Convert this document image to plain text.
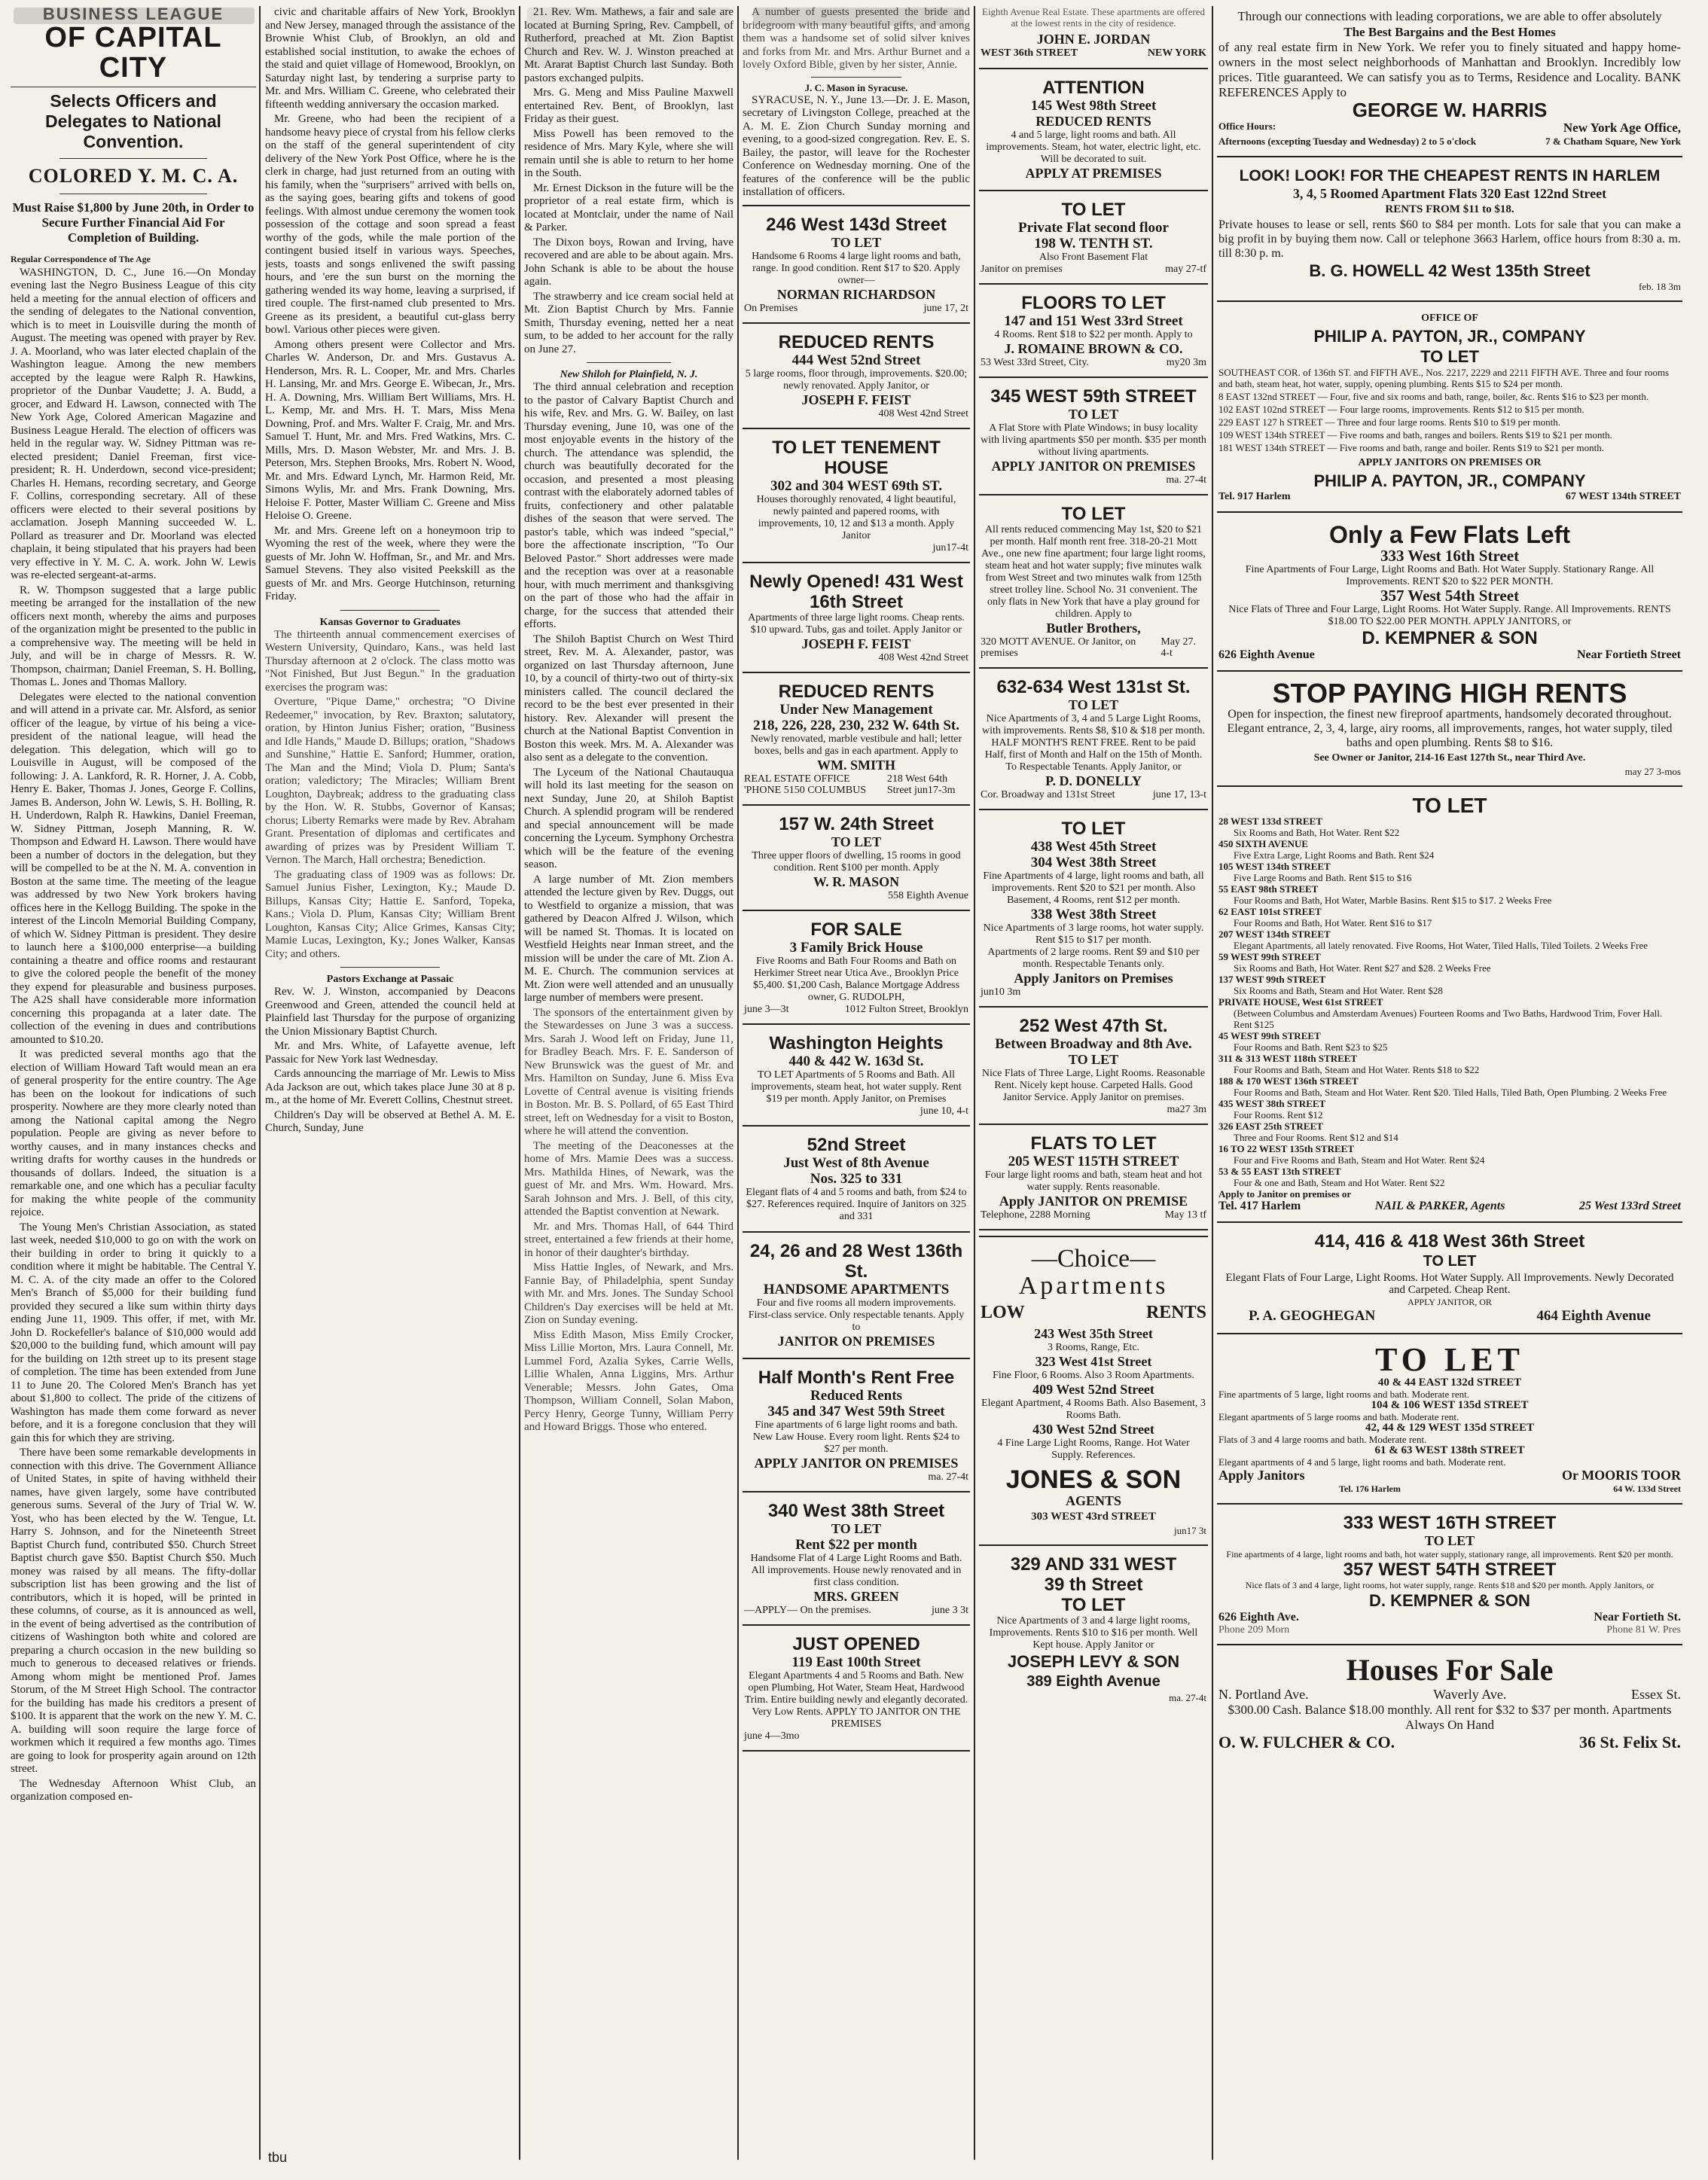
BUSINESS LEAGUE
OF CAPITAL CITY
Selects Officers and Delegates to National Convention.
COLORED Y. M. C. A.
Must Raise $1,800 by June 20th, in Order to Secure Further Financial Aid For Completion of Building.
Regular Correspondence of The Age

WASHINGTON, D. C., June 16.—On Monday evening last the Negro Business League of this city held a meeting for the annual election of officers and the sending of delegates to the National convention, which is to meet in Louisville during the month of August. The meeting was opened with prayer by Rev. J. A. Moorland, who was later elected chaplain of the Washington league. Among the new members accepted by the league were Ralph R. Hawkins, proprietor of the Dunbar Vaudette; J. A. Budd, a grocer, and Edward H. Lawson, connected with The New York Age, Colored American Magazine and Business League Herald. The election of officers was held in the regular way. W. Sidney Pittman was re-elected president; Daniel Freeman, first vice-president; R. H. Underdown, second vice-president; Charles H. Hemans, recording secretary, and George F. Collins, corresponding secretary. All of these officers were elected to their several positions by acclamation. Joseph Manning succeeded W. L. Pollard as treasurer and Dr. Moorland was elected chaplain, it being stipulated that his prayers had been very effective in Y. M. C. A. work. John W. Lewis was re-elected sergeant-at-arms.

R. W. Thompson suggested that a large public meeting be arranged for the installation of the new officers next month, whereby the aims and purposes of the organization might be presented to the public in a comprehensive way. The meeting will be held in July, and will be in charge of Messrs. R. W. Thompson, chairman; Daniel Freeman, S. H. Bolling, Thomas L. Jones and Thomas Mallory.

Delegates were elected to the national convention and will attend in a private car. Mr. Alsford, as senior officer of the league, by virtue of his being a vice-president of the national league, will head the delegation. This delegation, which will go to Louisville in August, will be composed of the following: J. A. Lankford, R. R. Horner, J. A. Cobb, Henry E. Baker, Thomas J. Jones, George F. Collins, James B. Anderson, John W. Lewis, S. H. Bolling, R. H. Underdown, Ralph R. Hawkins, Daniel Freeman, W. Sidney Pittman, Joseph Manning, R. W. Thompson and Edward H. Lawson. There would have been a number of doctors in the delegation, but they will be compelled to be at the N. M. A. convention in Boston at the same time. The meeting of the league was addressed by two New York brokers having offices here in the Kellogg Building. The spoke in the interest of the Lincoln Memorial Building Company, of which W. Sidney Pittman is president. They desire to launch here a $100,000 enterprise—a building containing a theatre and office rooms and restaurant to give the colored people the benefit of the money they expend for pleasurable and business purposes. The A2S shall have considerable more information concerning this propaganda at a later date. The collection of the evening in dues and contributions amounted to $10.20.

It was predicted several months ago that the election of William Howard Taft would mean an era of general prosperity for the entire country. The Age has been on the lookout for indications of such prosperity. Nowhere are they more clearly noted than among the National capital among the Negro population. People are giving as never before to worthy causes, and in many instances checks and writing drafts for worthy causes in the hundreds or thousands of dollars. Indeed, the situation is a remarkable one, and one which has a peculiar faculty for making the white people of the community rejoice.

The Young Men's Christian Association, as stated last week, needed $10,000 to go on with the work on their building in order to bring it quickly to a condition where it might be habitable. The Central Y. M. C. A. of the city made an offer to the Colored Men's Branch of $5,000 for their building fund provided they secured a like sum within thirty days ending June 11, 1909. This offer, if met, with Mr. John D. Rockefeller's balance of $10,000 would add $20,000 to the building fund, which amount will pay for the building on 12th street up to its present stage of completion. The time has been extended from June 11 to June 20. The Colored Men's Branch has yet about $1,800 to collect. The pride of the citizens of Washington has made them come forward as never before, and it is a foregone conclusion that they will gain this for which they are striving.

There have been some remarkable developments in connection with this drive. The Government Alliance of United States, in spite of having withheld their names, have given largely, some have contributed generous sums. Several of the Jury of Trial W. W. Yost, who has been elected by the W. Tengue, Lt. Harry S. Johnson, and for the Nineteenth Street Baptist Church fund, contributed $50. Church Street Baptist church gave $50. Baptist Church $50. Much money was raised by all means. The fifty-dollar subscription list has been growing and the list of contributors, which it is hoped, will be printed in these columns, of course, as it is announced as well, in the event of being advertised as the contribution of citizens of Washington both white and colored are preparing a church occasion in the new building so much to generous to deceased relatives or friends. Among whom might be mentioned Prof. James Storum, of the M Street High School. The contractor for the building has made his creditors a present of $100. It is apparent that the work on the new Y. M. C. A. building will soon require the large force of workmen which it required a few months ago. Times are going to look for prosperity again around on 12th street.

The Wednesday Afternoon Whist Club, an organization composed en-

civic and charitable affairs of New York, Brooklyn and New Jersey, managed through the assistance of the Brownie Whist Club, of Brooklyn, an old and established social institution, to awake the echoes of the staid and quiet village of Homewood, Brooklyn, on Saturday night last, by tendering a surprise party to Mr. and Mrs. William C. Greene, who celebrated their fifteenth wedding anniversary the occasion marked.

Mr. Greene, who had been the recipient of a handsome heavy piece of crystal from his fellow clerks on the staff of the general superintendent of city delivery of the New York Post Office, where he is the clerk in charge, had just returned from an outing with his family, when the "surprisers" arrived with bells on, as the saying goes, bearing gifts and tokens of good feelings. With almost undue ceremony the women took possession of the cottage and soon spread a feast worthy of the gods, while the male portion of the contingent busied itself in various ways. Speeches, jests, toasts and songs enlivened the swift passing hours, and 'ere the sun burst on the morning the gathering wended its way home, leaving a surprised, if tired couple. The first-named club presented to Mrs. Greene as its president, a beautiful cut-glass berry bowl. Various other pieces were given.

Among others present were Collector and Mrs. Charles W. Anderson, Dr. and Mrs. Gustavus A. Henderson, Mrs. R. L. Cooper, Mr. and Mrs. Charles H. Lansing, Mr. and Mrs. George E. Wibecan, Jr., Mrs. H. A. Downing, Mrs. William Bert Williams, Mrs. H. L. Kemp, Mr. and Mrs. H. T. Mars, Miss Mena Downing, Prof. and Mrs. Walter F. Craig, Mr. and Mrs. Samuel T. Hunt, Mr. and Mrs. Fred Watkins, Mrs. C. Mills, Mrs. D. Mason Webster, Mr. and Mrs. J. B. Peterson, Mrs. Stephen Brooks, Mrs. Robert N. Wood, Mr. and Mrs. Edward Lynch, Mr. Harmon Reid, Mr. Simons Wylis, Mr. and Mrs. Frank Downing, Mrs. Heloise F. Potter, Master William C. Greene and Miss Heloise O. Greene.

Mr. and Mrs. Greene left on a honeymoon trip to Wyoming the rest of the week, where they were the guests of Mr. John W. Hoffman, Sr., and Mr. and Mrs. Samuel Stevens. They also visited Peekskill as the guests of Mr. and Mrs. George Hutchinson, returning Friday.

Kansas Governor to Graduates

The thirteenth annual commencement exercises of Western University, Quindaro, Kans., was held last Thursday afternoon at 2 o'clock. The class motto was "Not Finished, But Just Begun." In the graduation exercises the program was:

Overture, "Pique Dame," orchestra; "O Divine Redeemer," invocation, by Rev. Braxton; salutatory, oration, by Hinton Junius Fisher; oration, "Business and Idle Hands," Maude D. Billups; oration, "Shadows and Sunshine," Hattie E. Sanford; Hummer, oration, The Man and the Mind; Viola D. Plum; Santa's oration; valedictory; The Miracles; William Brent Loughton, Daybreak; address to the graduating class by the Hon. W. R. Stubbs, Governor of Kansas; chorus; Liberty Remarks were made by Rev. Abraham Grant. Presentation of diplomas and certificates and awarding of prizes was by President William T. Vernon. The March, Hall orchestra; Benediction.

The graduating class of 1909 was as follows: Dr. Samuel Junius Fisher, Lexington, Ky.; Maude D. Billups, Kansas City; Hattie E. Sanford, Topeka, Kans.; Viola D. Plum, Kansas City; William Brent Loughton, Kansas City; Alice Grimes, Kansas City; Mamie Lucas, Lexington, Ky.; Jones Walker, Kansas City; and others.

Pastors Exchange at Passaic

Rev. W. J. Winston, accompanied by Deacons Greenwood and Green, attended the council held at Plainfield last Thursday for the purpose of organizing the Union Missionary Baptist Church.

Mr. and Mrs. White, of Lafayette avenue, left Passaic for New York last Wednesday.

Cards announcing the marriage of Mr. Lewis to Miss Ada Jackson are out, which takes place June 30 at 8 p. m., at the home of Mr. Everett Collins, Chestnut street.

Children's Day will be observed at Bethel A. M. E. Church, Sunday, June

21. Rev. Wm. Mathews, a fair and sale are located at Burning Spring, Rev. Campbell, of Rutherford, preached at Mt. Zion Baptist Church and Rev. W. J. Winston preached at Mt. Ararat Baptist Church last Sunday. Both pastors exchanged pulpits.

Mrs. G. Meng and Miss Pauline Maxwell entertained Rev. Bent, of Brooklyn, last Friday as their guest.

Miss Powell has been removed to the residence of Mrs. Mary Kyle, where she will remain until she is able to return to her home in the South.

Mr. Ernest Dickson in the future will be the proprietor of a real estate firm, which is located at Montclair, under the name of Nail & Parker.

The Dixon boys, Rowan and Irving, have recovered and are able to be about again. Mrs. John Schank is able to be about the house again.

The strawberry and ice cream social held at Mt. Zion Baptist Church by Mrs. Fannie Smith, Thursday evening, netted her a neat sum, to be added to her account for the rally on June 27.

New Shiloh for Plainfield, N. J.

The third annual celebration and reception to the pastor of Calvary Baptist Church and his wife, Rev. and Mrs. G. W. Bailey, on last Thursday evening, June 10, was one of the most enjoyable events in the history of the church. The attendance was splendid, the church was beautifully decorated for the occasion, and presented a most pleasing contrast with the elaborately adorned tables of fruits, confectionery and other palatable dishes of the season that were served. The pastor's table, which was indeed "special," bore the affectionate inscription, "To Our Beloved Pastor." Short addresses were made and the reception was over at a reasonable hour, with much merriment and thanksgiving on the part of those who had the affair in charge, for the success that attended their efforts.

The Shiloh Baptist Church on West Third street, Rev. M. A. Alexander, pastor, was organized on last Thursday afternoon, June 10, by a council of thirty-two out of thirty-six ministers called. The council declared the record to be the best ever presented in their history. Rev. Alexander will present the church at the National Baptist Convention in Boston this week. Mrs. M. A. Alexander was also sent as a delegate to the convention.

The Lyceum of the National Chautauqua will hold its last meeting for the season on next Sunday, June 20, at Shiloh Baptist Church. A splendid program will be rendered and special announcement will be made concerning the Lyceum. Symphony Orchestra which will be the feature of the evening season.

A large number of Mt. Zion members attended the lecture given by Rev. Duggs, out to Westfield to organize a mission, that was gathered by Deacon Alfred J. Wilson, which will be named St. Thomas. It is located on Westfield Heights near Inman street, and the mission will be under the care of Mt. Zion A. M. E. Church. The communion services at Mt. Zion were well attended and an unusually large number of members were present.

The sponsors of the entertainment given by the Stewardesses on June 3 was a success. Mrs. Sarah J. Wood left on Friday, June 11, for Bradley Beach. Mrs. F. E. Sanderson of New Brunswick was the guest of Mr. and Mrs. Hamilton on Sunday, June 6. Miss Eva Lovette of Central avenue is visiting friends in Boston. Mr. B. S. Pollard, of 65 East Third street, left on Wednesday for a visit to Boston, where he will attend the convention.

The meeting of the Deaconesses at the home of Mrs. Mamie Dees was a success. Mrs. Mathilda Hines, of Newark, was the guest of Mr. and Mrs. Wm. Howard. Mrs. Sarah Johnson and Mrs. J. Bell, of this city, attended the Baptist convention at Newark.

Mr. and Mrs. Thomas Hall, of 644 Third street, entertained a few friends at their home, in honor of their daughter's birthday.

Miss Hattie Ingles, of Newark, and Mrs. Fannie Bay, of Philadelphia, spent Sunday with Mr. and Mrs. Jones. The Sunday School Children's Day exercises will be held at Mt. Zion on Sunday evening.

Miss Edith Mason, Miss Emily Crocker, Miss Lillie Morton, Mrs. Laura Connell, Mr. Lummel Ford, Azalia Sykes, Carrie Wells, Lillie Whalen, Anna Liggins, Mrs. Arthur Venerable; Messrs. John Gates, Oma Thompson, William Connell, Solan Mabon, Percy Henry, George Tunny, William Perry and Howard Briggs. Those who entered.

A number of guests presented the bride and bridegroom with many beautiful gifts, and among them was a handsome set of solid silver knives and forks from Mr. and Mrs. Arthur Burnet and a lovely Oxford Bible, given by her sister, Annie.

J. C. Mason in Syracuse.

SYRACUSE, N. Y., June 13.—Dr. J. E. Mason, secretary of Livingston College, preached at the A. M. E. Zion Church Sunday morning and evening, to a good-sized congregation. Rev. E. S. Bailey, the pastor, will leave for the Rochester Conference on Wednesday morning. One of the features of the conference will be the public installation of officers.

246 West 143d Street
TO LET
Handsome 6 Rooms 4 large light rooms and bath, range. In good condition. Rent $17 to $20. Apply owner—
NORMAN RICHARDSON
On Premises	june 17, 2t
REDUCED RENTS
444 West 52nd Street
5 large rooms, floor through, improvements. $20.00; newly renovated. Apply Janitor, or
JOSEPH F. FEIST
408 West 42nd Street
TO LET TENEMENT HOUSE
302 and 304 WEST 69th ST.
Houses thoroughly renovated, 4 light beautiful, newly painted and papered rooms, with improvements, 10, 12 and $13 a month. Apply Janitor
jun17-4t
Newly Opened! 431 West 16th Street
Apartments of three large light rooms. Cheap rents. $10 upward. Tubs, gas and toilet. Apply Janitor or
JOSEPH F. FEIST
408 West 42nd Street
REDUCED RENTS
Under New Management
218, 226, 228, 230, 232 W. 64th St.
Newly renovated, marble vestibule and hall; letter boxes, bells and gas in each apartment. Apply to
WM. SMITH
REAL ESTATE OFFICE 'PHONE 5150 COLUMBUS
218 West 64th Street jun17-3m
157 W. 24th Street
TO LET
Three upper floors of dwelling, 15 rooms in good condition. Rent $100 per month. Apply
W. R. MASON
558 Eighth Avenue
FOR SALE
3 Family Brick House
Five Rooms and Bath Four Rooms and Bath on Herkimer Street near Utica Ave., Brooklyn Price $5,400. $1,200 Cash, Balance Mortgage Address owner, G. RUDOLPH,
june 3—3t	1012 Fulton Street, Brooklyn
Washington Heights
440 & 442 W. 163d St.
TO LET Apartments of 5 Rooms and Bath. All improvements, steam heat, hot water supply. Rent $19 per month. Apply Janitor, on Premises
june 10, 4-t
52nd Street
Just West of 8th Avenue
Nos. 325 to 331
Elegant flats of 4 and 5 rooms and bath, from $24 to $27. References required. Inquire of Janitors on 325 and 331
24, 26 and 28 West 136th St.
HANDSOME APARTMENTS
Four and five rooms all modern improvements. First-class service. Only respectable tenants. Apply to
JANITOR ON PREMISES
Half Month's Rent Free
Reduced Rents
345 and 347 West 59th Street
Fine apartments of 6 large light rooms and bath. New Law House. Every room light. Rents $24 to $27 per month.
APPLY JANITOR ON PREMISES
ma. 27-4t
340 West 38th Street
TO LET
Rent $22 per month
Handsome Flat of 4 Large Light Rooms and Bath. All improvements. House newly renovated and in first class condition.
MRS. GREEN
—APPLY— On the premises.	june 3 3t
JUST OPENED
119 East 100th Street
Elegant Apartments 4 and 5 Rooms and Bath. New open Plumbing, Hot Water, Steam Heat, Hardwood Trim. Entire building newly and elegantly decorated. Very Low Rents. APPLY TO JANITOR ON THE PREMISES
june 4—3mo
Eighth Avenue Real Estate. These apartments are offered at the lowest rents in the city of residence.
JOHN E. JORDAN
WEST 36th STREET	NEW YORK
ATTENTION
145 West 98th Street
REDUCED RENTS
4 and 5 large, light rooms and bath. All improvements. Steam, hot water, electric light, etc. Will be decorated to suit.
APPLY AT PREMISES
TO LET
Private Flat second floor
198 W. TENTH ST.
Also Front Basement Flat
Janitor on premises	may 27-tf
FLOORS TO LET
147 and 151 West 33rd Street
4 Rooms. Rent $18 to $22 per month. Apply to
J. ROMAINE BROWN & CO.
53 West 33rd Street, City.	my20 3m
345 WEST 59th STREET
TO LET
A Flat Store with Plate Windows; in busy locality with living apartments $50 per month. $35 per month without living apartments.
APPLY JANITOR ON PREMISES
ma. 27-4t
TO LET
All rents reduced commencing May 1st, $20 to $21 per month. Half month rent free. 318-20-21 Mott Ave., one new fine apartment; four large light rooms, steam heat and hot water supply; five minutes walk from West Street and two minutes walk from 125th street trolley line. School No. 31 convenient. The only flats in New York that have a play ground for children. Apply to
Butler Brothers,
320 MOTT AVENUE. Or Janitor, on premises
May 27. 4-t
632-634 West 131st St.
TO LET
Nice Apartments of 3, 4 and 5 Large Light Rooms, with improvements. Rents $8, $10 & $18 per month. HALF MONTH'S RENT FREE. Rent to be paid Half, first of Month and Half on the 15th of Month. To Respectable Tenants. Apply Janitor, or
P. D. DONELLY
Cor. Broadway and 131st Street	june 17, 13-t
TO LET
438 West 45th Street
304 West 38th Street
Fine Apartments of 4 large, light rooms and bath, all improvements. Rent $20 to $21 per month. Also Basement, 4 Rooms, rent $12 per month.
338 West 38th Street
Nice Apartments of 3 large rooms, hot water supply. Rent $15 to $17 per month.
Apartments of 2 large rooms. Rent $9 and $10 per month. Respectable Tenants only.
Apply Janitors on Premises
jun10 3m
252 West 47th St.
Between Broadway and 8th Ave.
TO LET
Nice Flats of Three Large, Light Rooms. Reasonable Rent. Nicely kept house. Carpeted Halls. Good Janitor Service. Apply Janitor on premises.
ma27 3m
FLATS TO LET
205 WEST 115TH STREET
Four large light rooms and bath, steam heat and hot water supply. Rents reasonable.
Apply JANITOR ON PREMISE
Telephone, 2288 Morning	May 13 tf
—Choice—
Apartments
LOW	RENTS
243 West 35th Street
3 Rooms, Range, Etc.
323 West 41st Street
Fine Floor, 6 Rooms. Also 3 Room Apartments.
409 West 52nd Street
Elegant Apartment, 4 Rooms Bath. Also Basement, 3 Rooms Bath.
430 West 52nd Street
4 Fine Large Light Rooms, Range. Hot Water Supply. References.
JONES & SON
AGENTS
303 WEST 43rd STREET
jun17 3t
329 AND 331 WEST
39 th Street
TO LET
Nice Apartments of 3 and 4 large light rooms, Improvements. Rents $10 to $16 per month. Well Kept house. Apply Janitor or
JOSEPH LEVY & SON
389 Eighth Avenue
ma. 27-4t
Through our connections with leading corporations, we are able to offer absolutely
The Best Bargains and the Best Homes
of any real estate firm in New York. We refer you to finely situated and happy home-owners in the most select neighborhoods of Manhattan and Brooklyn. Incredibly low prices. Title guaranteed. We can satisfy you as to Terms, Residence and Locality. BANK REFERENCES Apply to
GEORGE W. HARRIS
Office Hours:	New York Age Office,
Afternoons (excepting Tuesday and Wednesday) 2 to 5 o'clock	7 & Chatham Square, New York
LOOK! LOOK! FOR THE CHEAPEST RENTS IN HARLEM
3, 4, 5 Roomed Apartment Flats 320 East 122nd Street
RENTS FROM $11 to $18.
Private houses to lease or sell, rents $60 to $84 per month. Lots for sale that you can make a big profit in by buying them now. Call or telephone 3663 Harlem, office hours from 8:30 a. m. till 8:30 p. m.
B. G. HOWELL 42 West 135th Street
feb. 18 3m
OFFICE OF
PHILIP A. PAYTON, JR., COMPANY
TO LET
SOUTHEAST COR. of 136th ST. and FIFTH AVE., Nos. 2217, 2229 and 2211 FIFTH AVE. Three and four rooms and bath, steam heat, hot water, supply, opening plumbing. Rents $15 to $24 per month.
8 EAST 132nd STREET — Four, five and six rooms and bath, range, boiler, &c. Rents $16 to $23 per month.
102 EAST 102nd STREET — Four large rooms, improvements. Rents $12 to $15 per month.
229 EAST 127 h STREET — Three and four large rooms. Rents $10 to $19 per month.
109 WEST 134th STREET — Five rooms and bath, ranges and boilers. Rents $19 to $21 per month.
181 WEST 134th STREET — Five rooms and bath, range and boiler. Rents $19 to $21 per month.
APPLY JANITORS ON PREMISES OR
PHILIP A. PAYTON, JR., COMPANY
Tel. 917 Harlem	67 WEST 134th STREET
Only a Few Flats Left
333 West 16th Street
Fine Apartments of Four Large, Light Rooms and Bath. Hot Water Supply. Stationary Range. All Improvements. RENT $20 to $22 PER MONTH.
357 West 54th Street
Nice Flats of Three and Four Large, Light Rooms. Hot Water Supply. Range. All Improvements. RENTS $18.00 TO $22.00 PER MONTH. APPLY JANITORS, or
D. KEMPNER & SON
626 Eighth Avenue	Near Fortieth Street
STOP PAYING HIGH RENTS
Open for inspection, the finest new fireproof apartments, handsomely decorated throughout. Elegant entrance, 2, 3, 4, large, airy rooms, all improvements, ranges, hot water supply, tiled baths and open plumbing. Rents $8 to $16.
See Owner or Janitor, 214-16 East 127th St., near Third Ave.
may 27 3-mos
TO LET
28 WEST 133d STREET
Six Rooms and Bath, Hot Water. Rent $22
450 SIXTH AVENUE
Five Extra Large, Light Rooms and Bath. Rent $24
105 WEST 134th STREET
Five Large Rooms and Bath. Rent $15 to $16
55 EAST 98th STREET
Four Rooms and Bath, Hot Water, Marble Basins. Rent $15 to $17. 2 Weeks Free
62 EAST 101st STREET
Four Rooms and Bath, Hot Water. Rent $16 to $17
207 WEST 134th STREET
Elegant Apartments, all lately renovated. Five Rooms, Hot Water, Tiled Halls, Tiled Toilets. 2 Weeks Free
59 WEST 99th STREET
Six Rooms and Bath, Hot Water. Rent $27 and $28. 2 Weeks Free
137 WEST 99th STREET
Six Rooms and Bath, Steam and Hot Water. Rent $28
PRIVATE HOUSE, West 61st STREET
(Between Columbus and Amsterdam Avenues) Fourteen Rooms and Two Baths, Hardwood Trim, Fover Hall. Rent $125
45 WEST 99th STREET
Four Rooms and Bath. Rent $23 to $25
311 & 313 WEST 118th STREET
Four Rooms and Bath, Steam and Hot Water. Rents $18 to $22
188 & 170 WEST 136th STREET
Four Rooms and Bath, Steam and Hot Water. Rent $20. Tiled Halls, Tiled Bath, Open Plumbing. 2 Weeks Free
435 WEST 38th STREET
Four Rooms. Rent $12
326 EAST 25th STREET
Three and Four Rooms. Rent $12 and $14
16 TO 22 WEST 135th STREET
Four and Five Rooms and Bath, Steam and Hot Water. Rent $24
53 & 55 EAST 13th STREET
Four & one and Bath, Steam and Hot Water. Rent $22
Apply to Janitor on premises or
Tel. 417 Harlem	NAIL & PARKER, Agents	25 West 133rd Street
414, 416 & 418 West 36th Street
TO LET
Elegant Flats of Four Large, Light Rooms. Hot Water Supply. All Improvements. Newly Decorated and Carpeted. Cheap Rent.
APPLY JANITOR, OR
P. A. GEOGHEGAN	464 Eighth Avenue
TO LET
40 & 44 EAST 132d STREET
Fine apartments of 5 large, light rooms and bath. Moderate rent.
104 & 106 WEST 135d STREET
Elegant apartments of 5 large rooms and bath. Moderate rent.
42, 44 & 129 WEST 135d STREET
Flats of 3 and 4 large rooms and bath. Moderate rent.
61 & 63 WEST 138th STREET
Elegant apartments of 4 and 5 large, light rooms and bath. Moderate rent.
Apply Janitors	Or MOORIS TOOR
Tel. 176 Harlem	64 W. 133d Street
333 WEST 16TH STREET
TO LET
Fine apartments of 4 large, light rooms and bath, hot water supply, stationary range, all improvements. Rent $20 per month.
357 WEST 54TH STREET
Nice flats of 3 and 4 large, light rooms, hot water supply, range. Rents $18 and $20 per month. Apply Janitors, or
D. KEMPNER & SON
626 Eighth Ave.	Near Fortieth St.
Phone 209 Morn	Phone 81 W. Pres
Houses For Sale
N. Portland Ave.	Waverly Ave.	Essex St.
$300.00 Cash. Balance $18.00 monthly. All rent for $32 to $37 per month. Apartments Always On Hand
O. W. FULCHER & CO.	36 St. Felix St.
tbu
